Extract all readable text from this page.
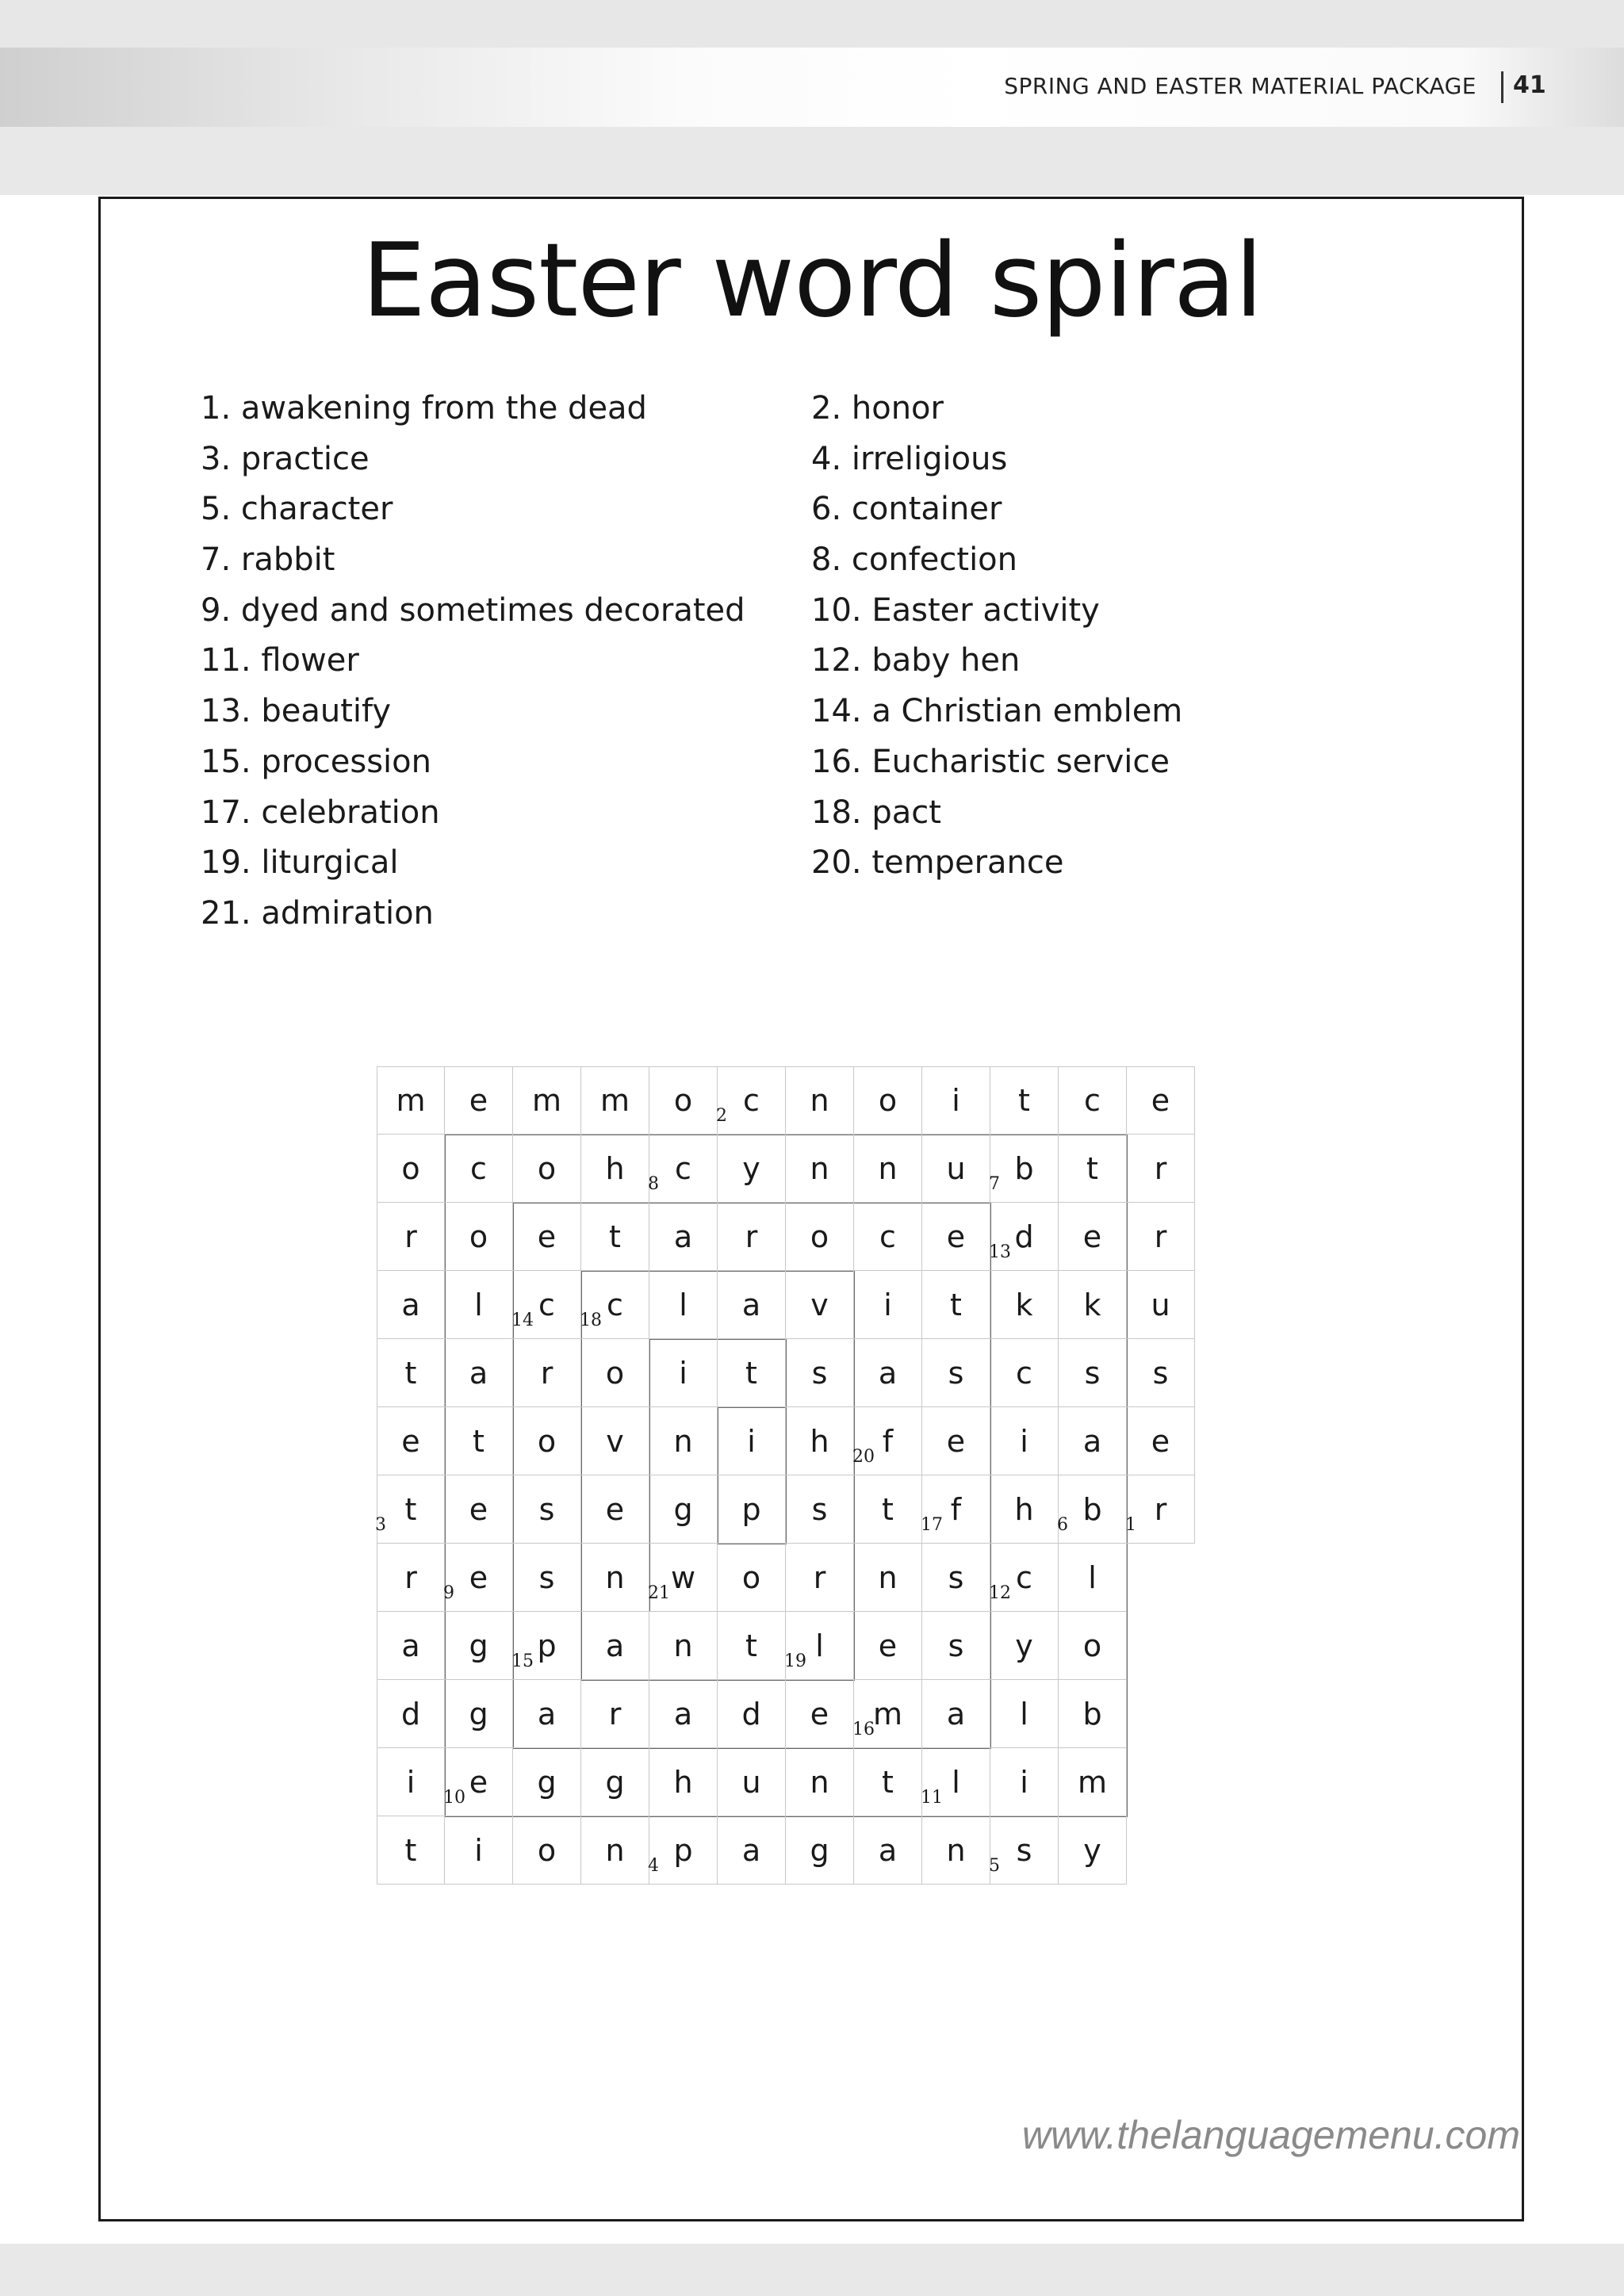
SPRING AND EASTER MATERIAL PACKAGE 41
Easter word spiral
1. awakening from the dead
3. practice
5. character
7. rabbit
9. dyed and sometimes decorated
11. flower
13. beautify
15. procession
17. celebration
19. liturgical
21. admiration
2. honor
4. irreligious
6. container
8. confection
10. Easter activity
12. baby hen
14. a Christian emblem
16. Eucharistic service
18. pact
20. temperance
m	e	m	m	o	c	n	o	i	t	c	e
o	c	o	h	c	y	n	n	u	b	t	r
r	o	e	t	a	r	o	c	e	d	e	r
a	l	c	c	l	a	v	i	t	k	k	u
t	a	r	o	i	t	s	a	s	c	s	s
e	t	o	v	n	i	h	f	e	i	a	e
t	e	s	e	g	p	s	t	f	h	b	r
r	e	s	n	w	o	r	n	s	c	l
a	g	p	a	n	t	l	e	s	y	o
d	g	a	r	a	d	e	m	a	l	b
i	e	g	g	h	u	n	t	l	i	m
t	i	o	n	p	a	g	a	n	s	y
2
8	7
13
14	18
20
3	17	6	1
9	21	12
15	19
16
10	11
4	5
www.thelanguagemenu.com
